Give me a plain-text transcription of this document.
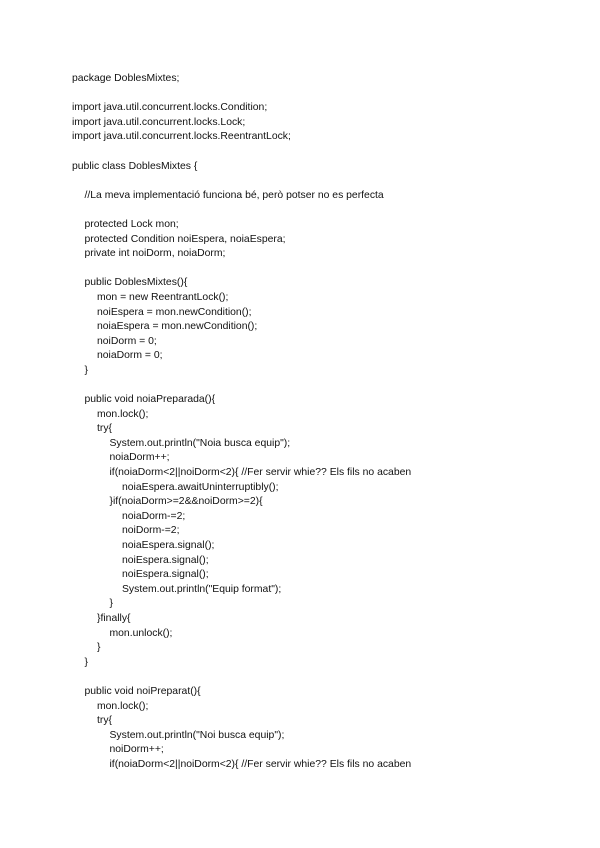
package DoblesMixtes;
import java.util.concurrent.locks.Condition;
import java.util.concurrent.locks.Lock;
import java.util.concurrent.locks.ReentrantLock;
public class DoblesMixtes {
//La meva implementació funciona bé, però potser no es perfecta
protected Lock mon;
protected Condition noiEspera, noiaEspera;
private int noiDorm, noiaDorm;
public DoblesMixtes(){
mon = new ReentrantLock();
noiEspera = mon.newCondition();
noiaEspera = mon.newCondition();
noiDorm = 0;
noiaDorm = 0;
}
public void noiaPreparada(){
mon.lock();
try{
System.out.println("Noia busca equip");
noiaDorm++;
if(noiaDorm<2||noiDorm<2){ //Fer servir whie?? Els fils no acaben
noiaEspera.awaitUninterruptibly();
}if(noiaDorm>=2&&noiDorm>=2){
noiaDorm-=2;
noiDorm-=2;
noiaEspera.signal();
noiEspera.signal();
noiEspera.signal();
System.out.println("Equip format");
}
}finally{
mon.unlock();
}
}
public void noiPreparat(){
mon.lock();
try{
System.out.println("Noi busca equip");
noiDorm++;
if(noiaDorm<2||noiDorm<2){ //Fer servir whie?? Els fils no acaben
